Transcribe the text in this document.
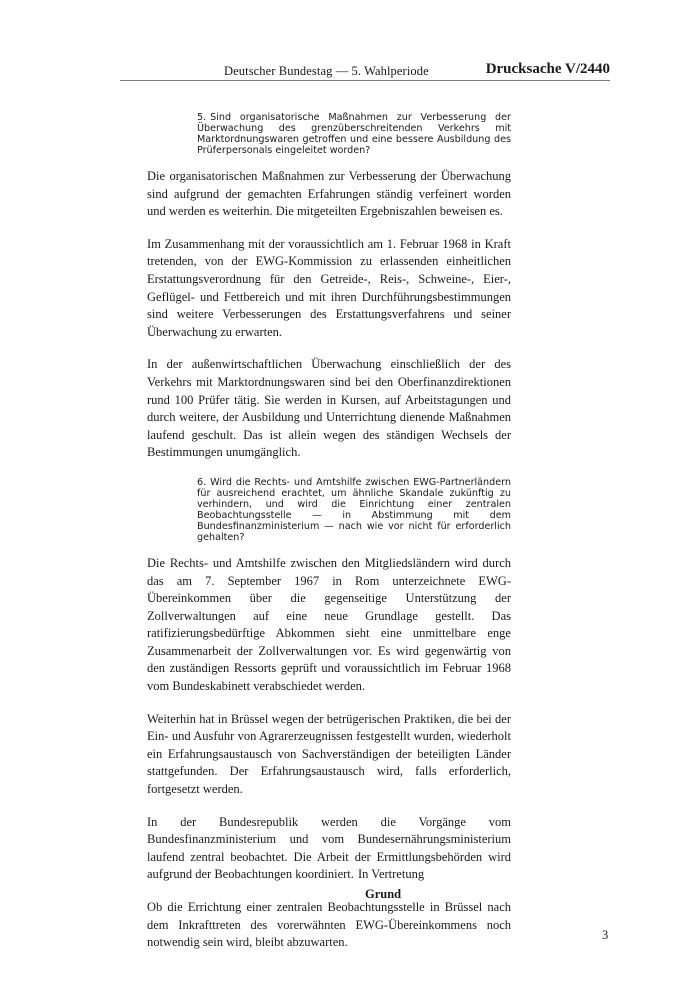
Deutscher Bundestag — 5. Wahlperiode	Drucksache V/2440

5. Sind organisatorische Maßnahmen zur Verbesserung der Überwachung des grenzüberschreitenden Verkehrs mit Marktordnungswaren getroffen und eine bessere Ausbildung des Prüferpersonals eingeleitet worden?

Die organisatorischen Maßnahmen zur Verbesserung der Überwachung sind aufgrund der gemachten Erfahrungen ständig verfeinert worden und werden es weiterhin. Die mitgeteilten Ergebniszahlen beweisen es.

Im Zusammenhang mit der voraussichtlich am 1. Februar 1968 in Kraft tretenden, von der EWG-Kommission zu erlassenden einheitlichen Erstattungsverordnung für den Getreide-, Reis-, Schweine-, Eier-, Geflügel- und Fettbereich und mit ihren Durchführungsbestimmungen sind weitere Verbesserungen des Erstattungsverfahrens und seiner Überwachung zu erwarten.

In der außenwirtschaftlichen Überwachung einschließlich der des Verkehrs mit Marktordnungswaren sind bei den Oberfinanzdirektionen rund 100 Prüfer tätig. Sie werden in Kursen, auf Arbeitstagungen und durch weitere, der Ausbildung und Unterrichtung dienende Maßnahmen laufend geschult. Das ist allein wegen des ständigen Wechsels der Bestimmungen unumgänglich.

6. Wird die Rechts- und Amtshilfe zwischen EWG-Partnerländern für ausreichend erachtet, um ähnliche Skandale zukünftig zu verhindern, und wird die Einrichtung einer zentralen Beobachtungsstelle — in Abstimmung mit dem Bundesfinanzministerium — nach wie vor nicht für erforderlich gehalten?

Die Rechts- und Amtshilfe zwischen den Mitgliedsländern wird durch das am 7. September 1967 in Rom unterzeichnete EWG-Übereinkommen über die gegenseitige Unterstützung der Zollverwaltungen auf eine neue Grundlage gestellt. Das ratifizierungsbedürftige Abkommen sieht eine unmittelbare enge Zusammenarbeit der Zollverwaltungen vor. Es wird gegenwärtig von den zuständigen Ressorts geprüft und voraussichtlich im Februar 1968 vom Bundeskabinett verabschiedet werden.

Weiterhin hat in Brüssel wegen der betrügerischen Praktiken, die bei der Ein- und Ausfuhr von Agrarerzeugnissen festgestellt wurden, wiederholt ein Erfahrungsaustausch von Sachverständigen der beteiligten Länder stattgefunden. Der Erfahrungsaustausch wird, falls erforderlich, fortgesetzt werden.

In der Bundesrepublik werden die Vorgänge vom Bundesfinanzministerium und vom Bundesernährungsministerium laufend zentral beobachtet. Die Arbeit der Ermittlungsbehörden wird aufgrund der Beobachtungen koordiniert.

Ob die Errichtung einer zentralen Beobachtungsstelle in Brüssel nach dem Inkrafttreten des vorerwähnten EWG-Übereinkommens noch notwendig sein wird, bleibt abzuwarten.

In Vertretung
Grund
3
